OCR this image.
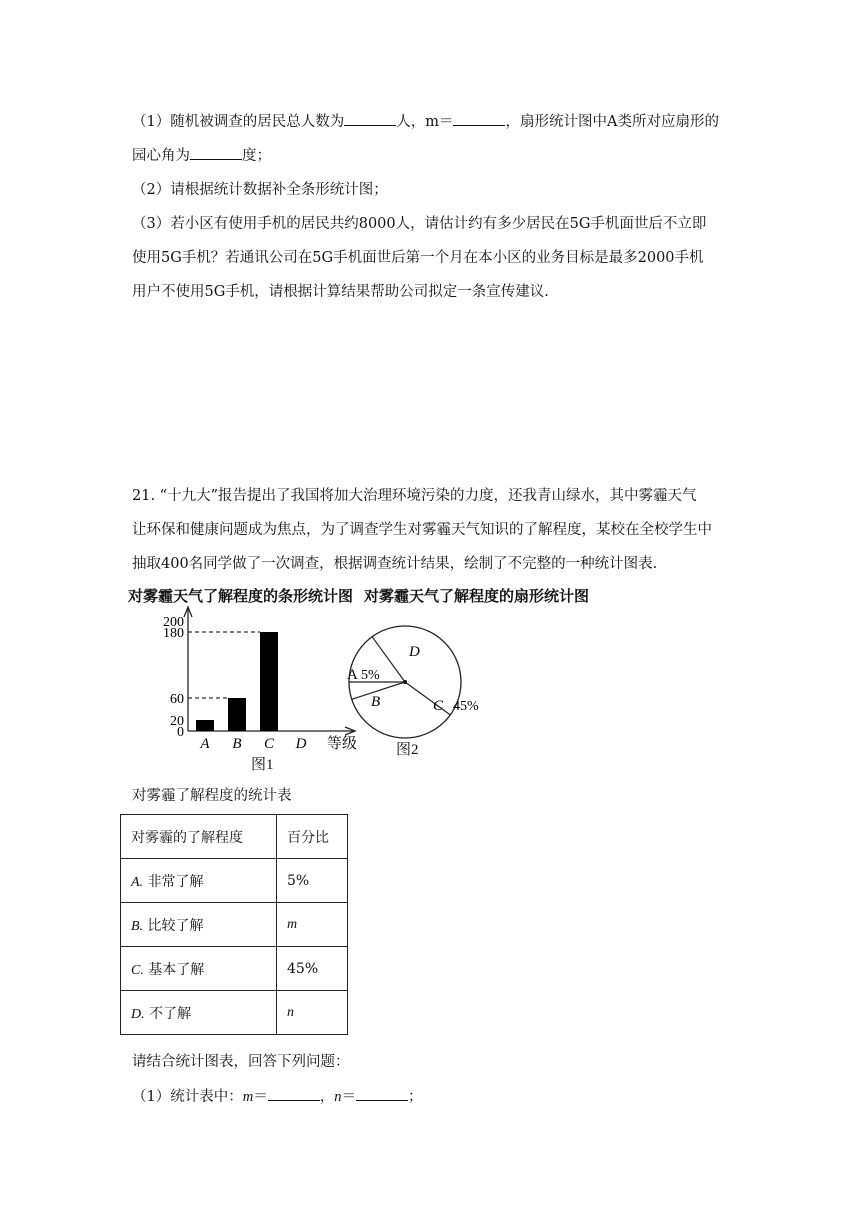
（1）随机被调查的居民总人数为	人，m＝	，扇形统计图中A类所对应扇形的
园心角为	度；
（2）请根据统计数据补全条形统计图；
（3）若小区有使用手机的居民共约8000人，请估计约有多少居民在5G手机面世后不立即
使用5G手机？若通讯公司在5G手机面世后第一个月在本小区的业务目标是最多2000手机
用户不使用5G手机，请根据计算结果帮助公司拟定一条宣传建议.
21. “十九大”报告提出了我国将加大治理环境污染的力度，还我青山绿水，其中雾霾天气
让环保和健康问题成为焦点，为了调查学生对雾霾天气知识的了解程度，某校在全校学生中
抽取400名同学做了一次调查，根据调查统计结果，绘制了不完整的一种统计图表.
对雾霾天气了解程度的条形统计图 对雾霾天气了解程度的扇形统计图
0
20
60
180
200
A B C D 等级
A 5%
B	C 45%
D
图1
图2
对雾霾了解程度的统计表
对雾霾的了解程度	百分比
A. 非常了解	5%
B. 比较了解	m
C. 基本了解	45%
D. 不了解	n
请结合统计图表，回答下列问题：
（1）统计表中：m＝	，n＝	；
